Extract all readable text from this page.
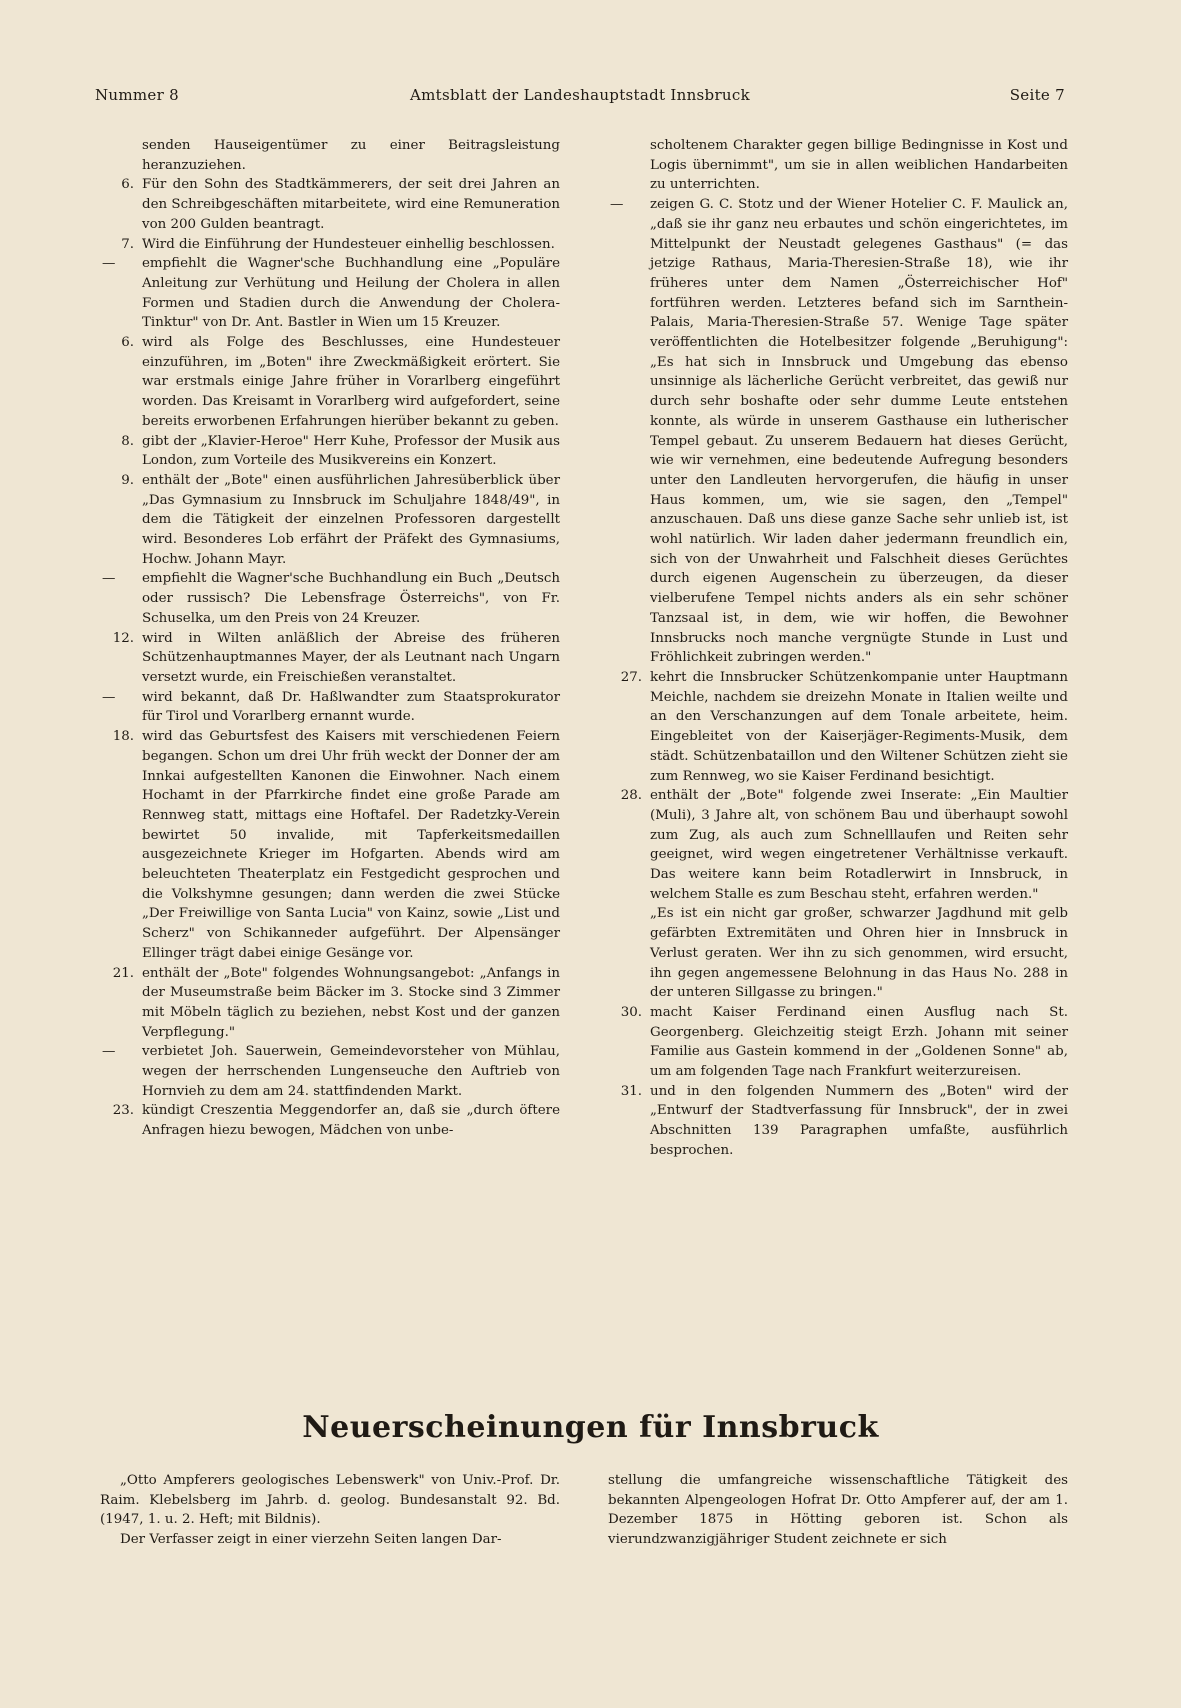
Nummer 8	Amtsblatt der Landeshauptstadt Innsbruck	Seite 7

senden Hauseigentümer zu einer Beitragsleistung heranzuziehen.

6. Für den Sohn des Stadtkämmerers, der seit drei Jahren an den Schreibgeschäften mitarbeitete, wird eine Remuneration von 200 Gulden beantragt.

7. Wird die Einführung der Hundesteuer einhellig beschlossen.

—	empfiehlt die Wagner'sche Buchhandlung eine „Populäre Anleitung zur Verhütung und Heilung der Cholera in allen Formen und Stadien durch die Anwendung der Cholera-Tinktur" von Dr. Ant. Bastler in Wien um 15 Kreuzer.

6. wird als Folge des Beschlusses, eine Hundesteuer einzuführen, im „Boten" ihre Zweckmäßigkeit erörtert. Sie war erstmals einige Jahre früher in Vorarlberg eingeführt worden. Das Kreisamt in Vorarlberg wird aufgefordert, seine bereits erworbenen Erfahrungen hierüber bekannt zu geben.

8. gibt der „Klavier-Heroe" Herr Kuhe, Professor der Musik aus London, zum Vorteile des Musikvereins ein Konzert.

9. enthält der „Bote" einen ausführlichen Jahresüberblick über „Das Gymnasium zu Innsbruck im Schuljahre 1848/49", in dem die Tätigkeit der einzelnen Professoren dargestellt wird. Besonderes Lob erfährt der Präfekt des Gymnasiums, Hochw. Johann Mayr.

—	empfiehlt die Wagner'sche Buchhandlung ein Buch „Deutsch oder russisch? Die Lebensfrage Österreichs", von Fr. Schuselka, um den Preis von 24 Kreuzer.

12. wird in Wilten anläßlich der Abreise des früheren Schützenhauptmannes Mayer, der als Leutnant nach Ungarn versetzt wurde, ein Freischießen veranstaltet.

—	wird bekannt, daß Dr. Haßlwandter zum Staatsprokurator für Tirol und Vorarlberg ernannt wurde.

18. wird das Geburtsfest des Kaisers mit verschiedenen Feiern begangen. Schon um drei Uhr früh weckt der Donner der am Innkai aufgestellten Kanonen die Einwohner. Nach einem Hochamt in der Pfarrkirche findet eine große Parade am Rennweg statt, mittags eine Hoftafel. Der Radetzky-Verein bewirtet 50 invalide, mit Tapferkeitsmedaillen ausgezeichnete Krieger im Hofgarten. Abends wird am beleuchteten Theaterplatz ein Festgedicht gesprochen und die Volkshymne gesungen; dann werden die zwei Stücke „Der Freiwillige von Santa Lucia" von Kainz, sowie „List und Scherz" von Schikanneder aufgeführt. Der Alpensänger Ellinger trägt dabei einige Gesänge vor.

21. enthält der „Bote" folgendes Wohnungsangebot: „Anfangs in der Museumstraße beim Bäcker im 3. Stocke sind 3 Zimmer mit Möbeln täglich zu beziehen, nebst Kost und der ganzen Verpflegung."

—	verbietet Joh. Sauerwein, Gemeindevorsteher von Mühlau, wegen der herrschenden Lungenseuche den Auftrieb von Hornvieh zu dem am 24. stattfindenden Markt.

23. kündigt Creszentia Meggendorfer an, daß sie „durch öftere Anfragen hiezu bewogen, Mädchen von unbe-

scholtenem Charakter gegen billige Bedingnisse in Kost und Logis übernimmt", um sie in allen weiblichen Handarbeiten zu unterrichten.

—	zeigen G. C. Stotz und der Wiener Hotelier C. F. Maulick an, „daß sie ihr ganz neu erbautes und schön eingerichtetes, im Mittelpunkt der Neustadt gelegenes Gasthaus" (= das jetzige Rathaus, Maria-Theresien-Straße 18), wie ihr früheres unter dem Namen „Österreichischer Hof" fortführen werden. Letzteres befand sich im Sarnthein-Palais, Maria-Theresien-Straße 57. Wenige Tage später veröffentlichten die Hotelbesitzer folgende „Beruhigung": „Es hat sich in Innsbruck und Umgebung das ebenso unsinnige als lächerliche Gerücht verbreitet, das gewiß nur durch sehr boshafte oder sehr dumme Leute entstehen konnte, als würde in unserem Gasthause ein lutherischer Tempel gebaut. Zu unserem Bedauern hat dieses Gerücht, wie wir vernehmen, eine bedeutende Aufregung besonders unter den Landleuten hervorgerufen, die häufig in unser Haus kommen, um, wie sie sagen, den „Tempel" anzuschauen. Daß uns diese ganze Sache sehr unlieb ist, ist wohl natürlich. Wir laden daher jedermann freundlich ein, sich von der Unwahrheit und Falschheit dieses Gerüchtes durch eigenen Augenschein zu überzeugen, da dieser vielberufene Tempel nichts anders als ein sehr schöner Tanzsaal ist, in dem, wie wir hoffen, die Bewohner Innsbrucks noch manche vergnügte Stunde in Lust und Fröhlichkeit zubringen werden."

27. kehrt die Innsbrucker Schützenkompanie unter Hauptmann Meichle, nachdem sie dreizehn Monate in Italien weilte und an den Verschanzungen auf dem Tonale arbeitete, heim. Eingebleitet von der Kaiserjäger-Regiments-Musik, dem städt. Schützenbataillon und den Wiltener Schützen zieht sie zum Rennweg, wo sie Kaiser Ferdinand besichtigt.

28. enthält der „Bote" folgende zwei Inserate: „Ein Maultier (Muli), 3 Jahre alt, von schönem Bau und überhaupt sowohl zum Zug, als auch zum Schnelllaufen und Reiten sehr geeignet, wird wegen eingetretener Verhältnisse verkauft. Das weitere kann beim Rotadlerwirt in Innsbruck, in welchem Stalle es zum Beschau steht, erfahren werden."

„Es ist ein nicht gar großer, schwarzer Jagdhund mit gelb gefärbten Extremitäten und Ohren hier in Innsbruck in Verlust geraten. Wer ihn zu sich genommen, wird ersucht, ihn gegen angemessene Belohnung in das Haus No. 288 in der unteren Sillgasse zu bringen."

30. macht Kaiser Ferdinand einen Ausflug nach St. Georgenberg. Gleichzeitig steigt Erzh. Johann mit seiner Familie aus Gastein kommend in der „Goldenen Sonne" ab, um am folgenden Tage nach Frankfurt weiterzureisen.

31. und in den folgenden Nummern des „Boten" wird der „Entwurf der Stadtverfassung für Innsbruck", der in zwei Abschnitten 139 Paragraphen umfaßte, ausführlich besprochen.

Neuerscheinungen für Innsbruck

„Otto Ampferers geologisches Lebenswerk" von Univ.-Prof. Dr. Raim. Klebelsberg im Jahrb. d. geolog. Bundesanstalt 92. Bd. (1947, 1. u. 2. Heft; mit Bildnis).

Der Verfasser zeigt in einer vierzehn Seiten langen Dar-

stellung die umfangreiche wissenschaftliche Tätigkeit des bekannten Alpengeologen Hofrat Dr. Otto Ampferer auf, der am 1. Dezember 1875 in Hötting geboren ist. Schon als vierundzwanzigjähriger Student zeichnete er sich
